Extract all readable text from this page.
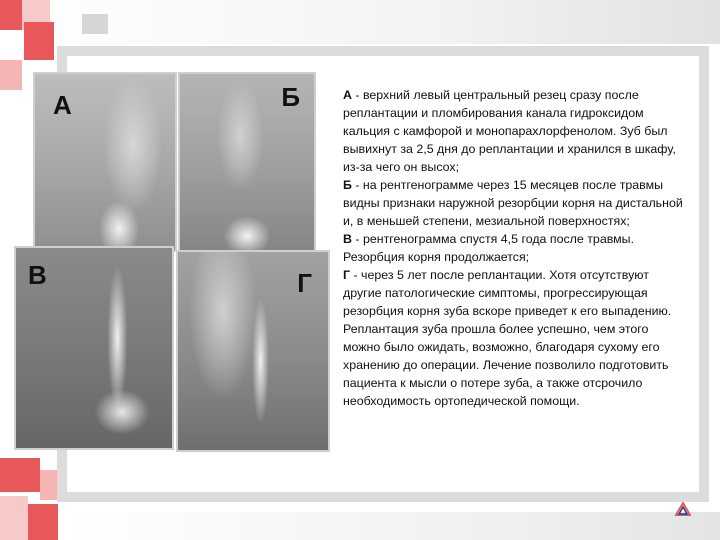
А	Б
В	Г

А - верхний левый центральный резец сразу после реплантации и пломбирования канала гидроксидом кальция с камфорой и монопарахлорфенолом. Зуб был вывихнут за 2,5 дня до реплантации и хранился в шкафу, из-за чего он высох;

Б - на рентгенограмме через 15 месяцев после травмы видны признаки наружной резорбции корня на дистальной и, в меньшей степени, мезиальной поверхностях;

В - рентгенограмма спустя 4,5 года после травмы. Резорбция корня продолжается;

Г - через 5 лет после реплантации. Хотя отсутствуют другие патологические симптомы, прогрессирующая резорбция корня зуба вскоре приведет к его выпадению. Реплантация зуба прошла более успешно, чем этого можно было ожидать, возможно, благодаря сухому его хранению до операции. Лечение позволило подготовить пациента к мысли о потере зуба, а также отсрочило необходимость ортопедической помощи.
